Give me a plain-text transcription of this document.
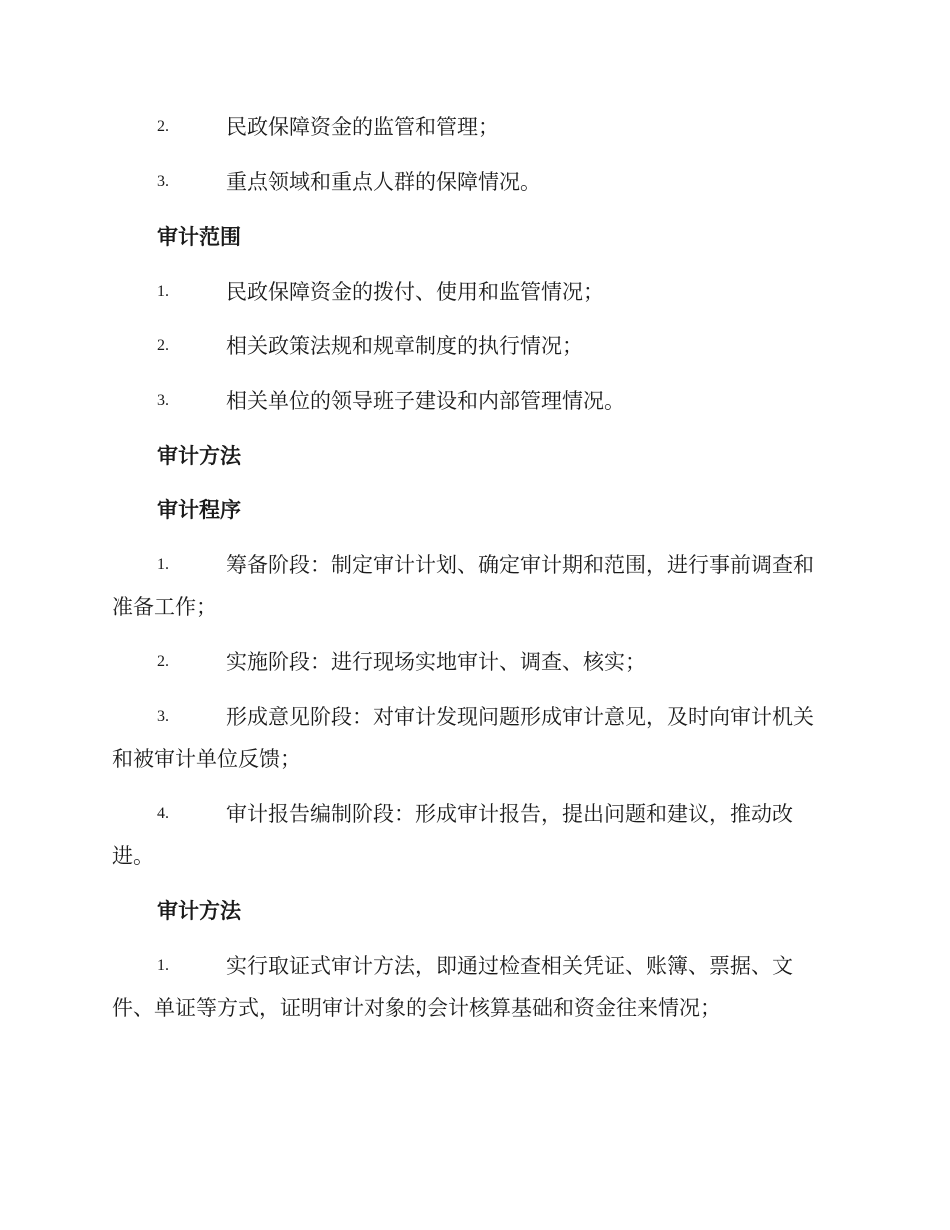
2.	民政保障资金的监管和管理；
3.	重点领域和重点人群的保障情况。
审计范围
1.	民政保障资金的拨付、使用和监管情况；
2.	相关政策法规和规章制度的执行情况；
3.	相关单位的领导班子建设和内部管理情况。
审计方法
审计程序
1.	筹备阶段：制定审计计划、确定审计期和范围，进行事前调查和
准备工作；
2.	实施阶段：进行现场实地审计、调查、核实；
3.	形成意见阶段：对审计发现问题形成审计意见，及时向审计机关
和被审计单位反馈；
4.	审计报告编制阶段：形成审计报告，提出问题和建议，推动改
进。
审计方法
1.	实行取证式审计方法，即通过检查相关凭证、账簿、票据、文
件、单证等方式，证明审计对象的会计核算基础和资金往来情况；
